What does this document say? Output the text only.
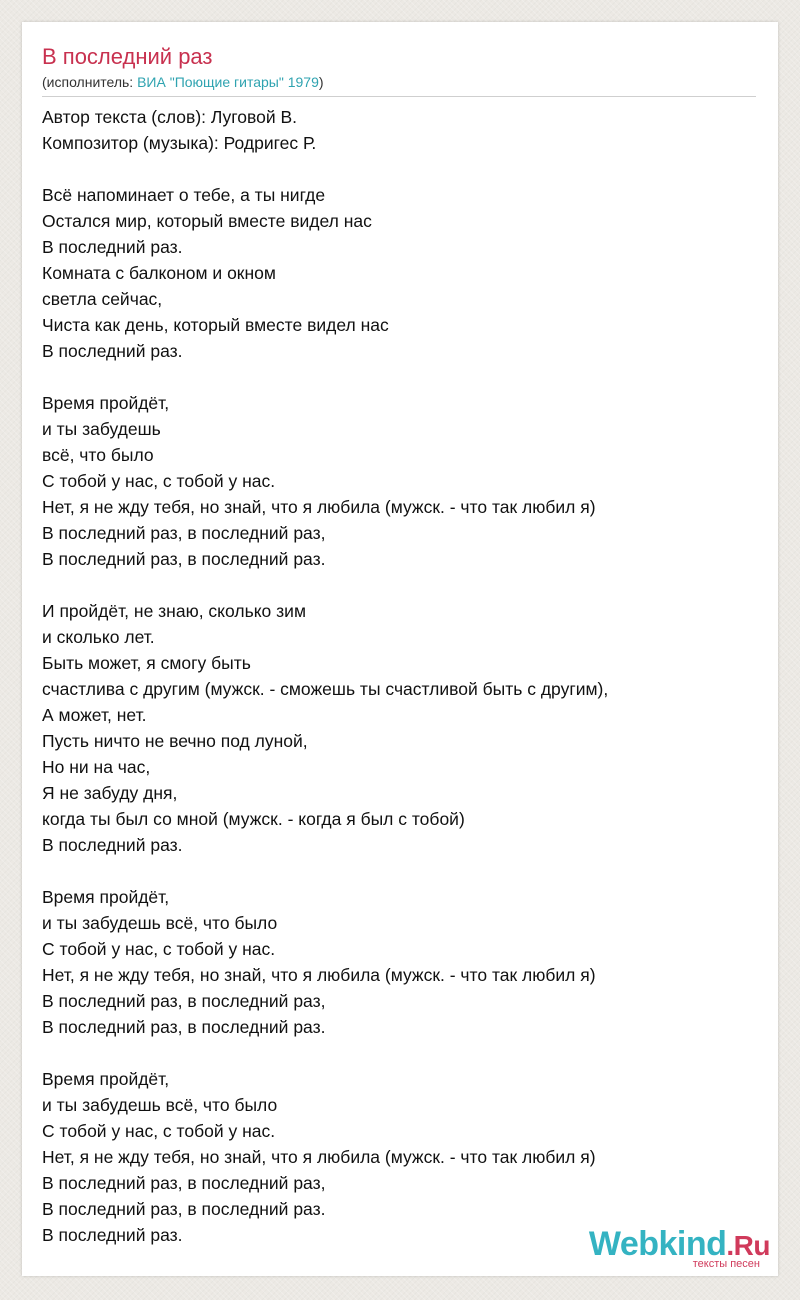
В последний раз
(исполнитель: ВИА "Поющие гитары" 1979)
Автор текста (слов): Луговой В.
Композитор (музыка): Родригес Р.

Всё напоминает о тебе, а ты нигде
Остался мир, который вместе видел нас
В последний раз.
Комната с балконом и окном
светла сейчас,
Чиста как день, который вместе видел нас
В последний раз.

Время пройдёт,
и ты забудешь
всё, что было
С тобой у нас, с тобой у нас.
Нет, я не жду тебя, но знай, что я любила (мужск. - что так любил я)
В последний раз, в последний раз,
В последний раз, в последний раз.

И пройдёт, не знаю, сколько зим
и сколько лет.
Быть может, я смогу быть
счастлива с другим (мужск. - сможешь ты счастливой быть с другим),
А может, нет.
Пусть ничто не вечно под луной,
Но ни на час,
Я не забуду дня,
когда ты был со мной (мужск. - когда я был с тобой)
В последний раз.

Время пройдёт,
и ты забудешь всё, что было
С тобой у нас, с тобой у нас.
Нет, я не жду тебя, но знай, что я любила (мужск. - что так любил я)
В последний раз, в последний раз,
В последний раз, в последний раз.

Время пройдёт,
и ты забудешь всё, что было
С тобой у нас, с тобой у нас.
Нет, я не жду тебя, но знай, что я любила (мужск. - что так любил я)
В последний раз, в последний раз,
В последний раз, в последний раз.
В последний раз.	Webkind.Ru
тексты песен
